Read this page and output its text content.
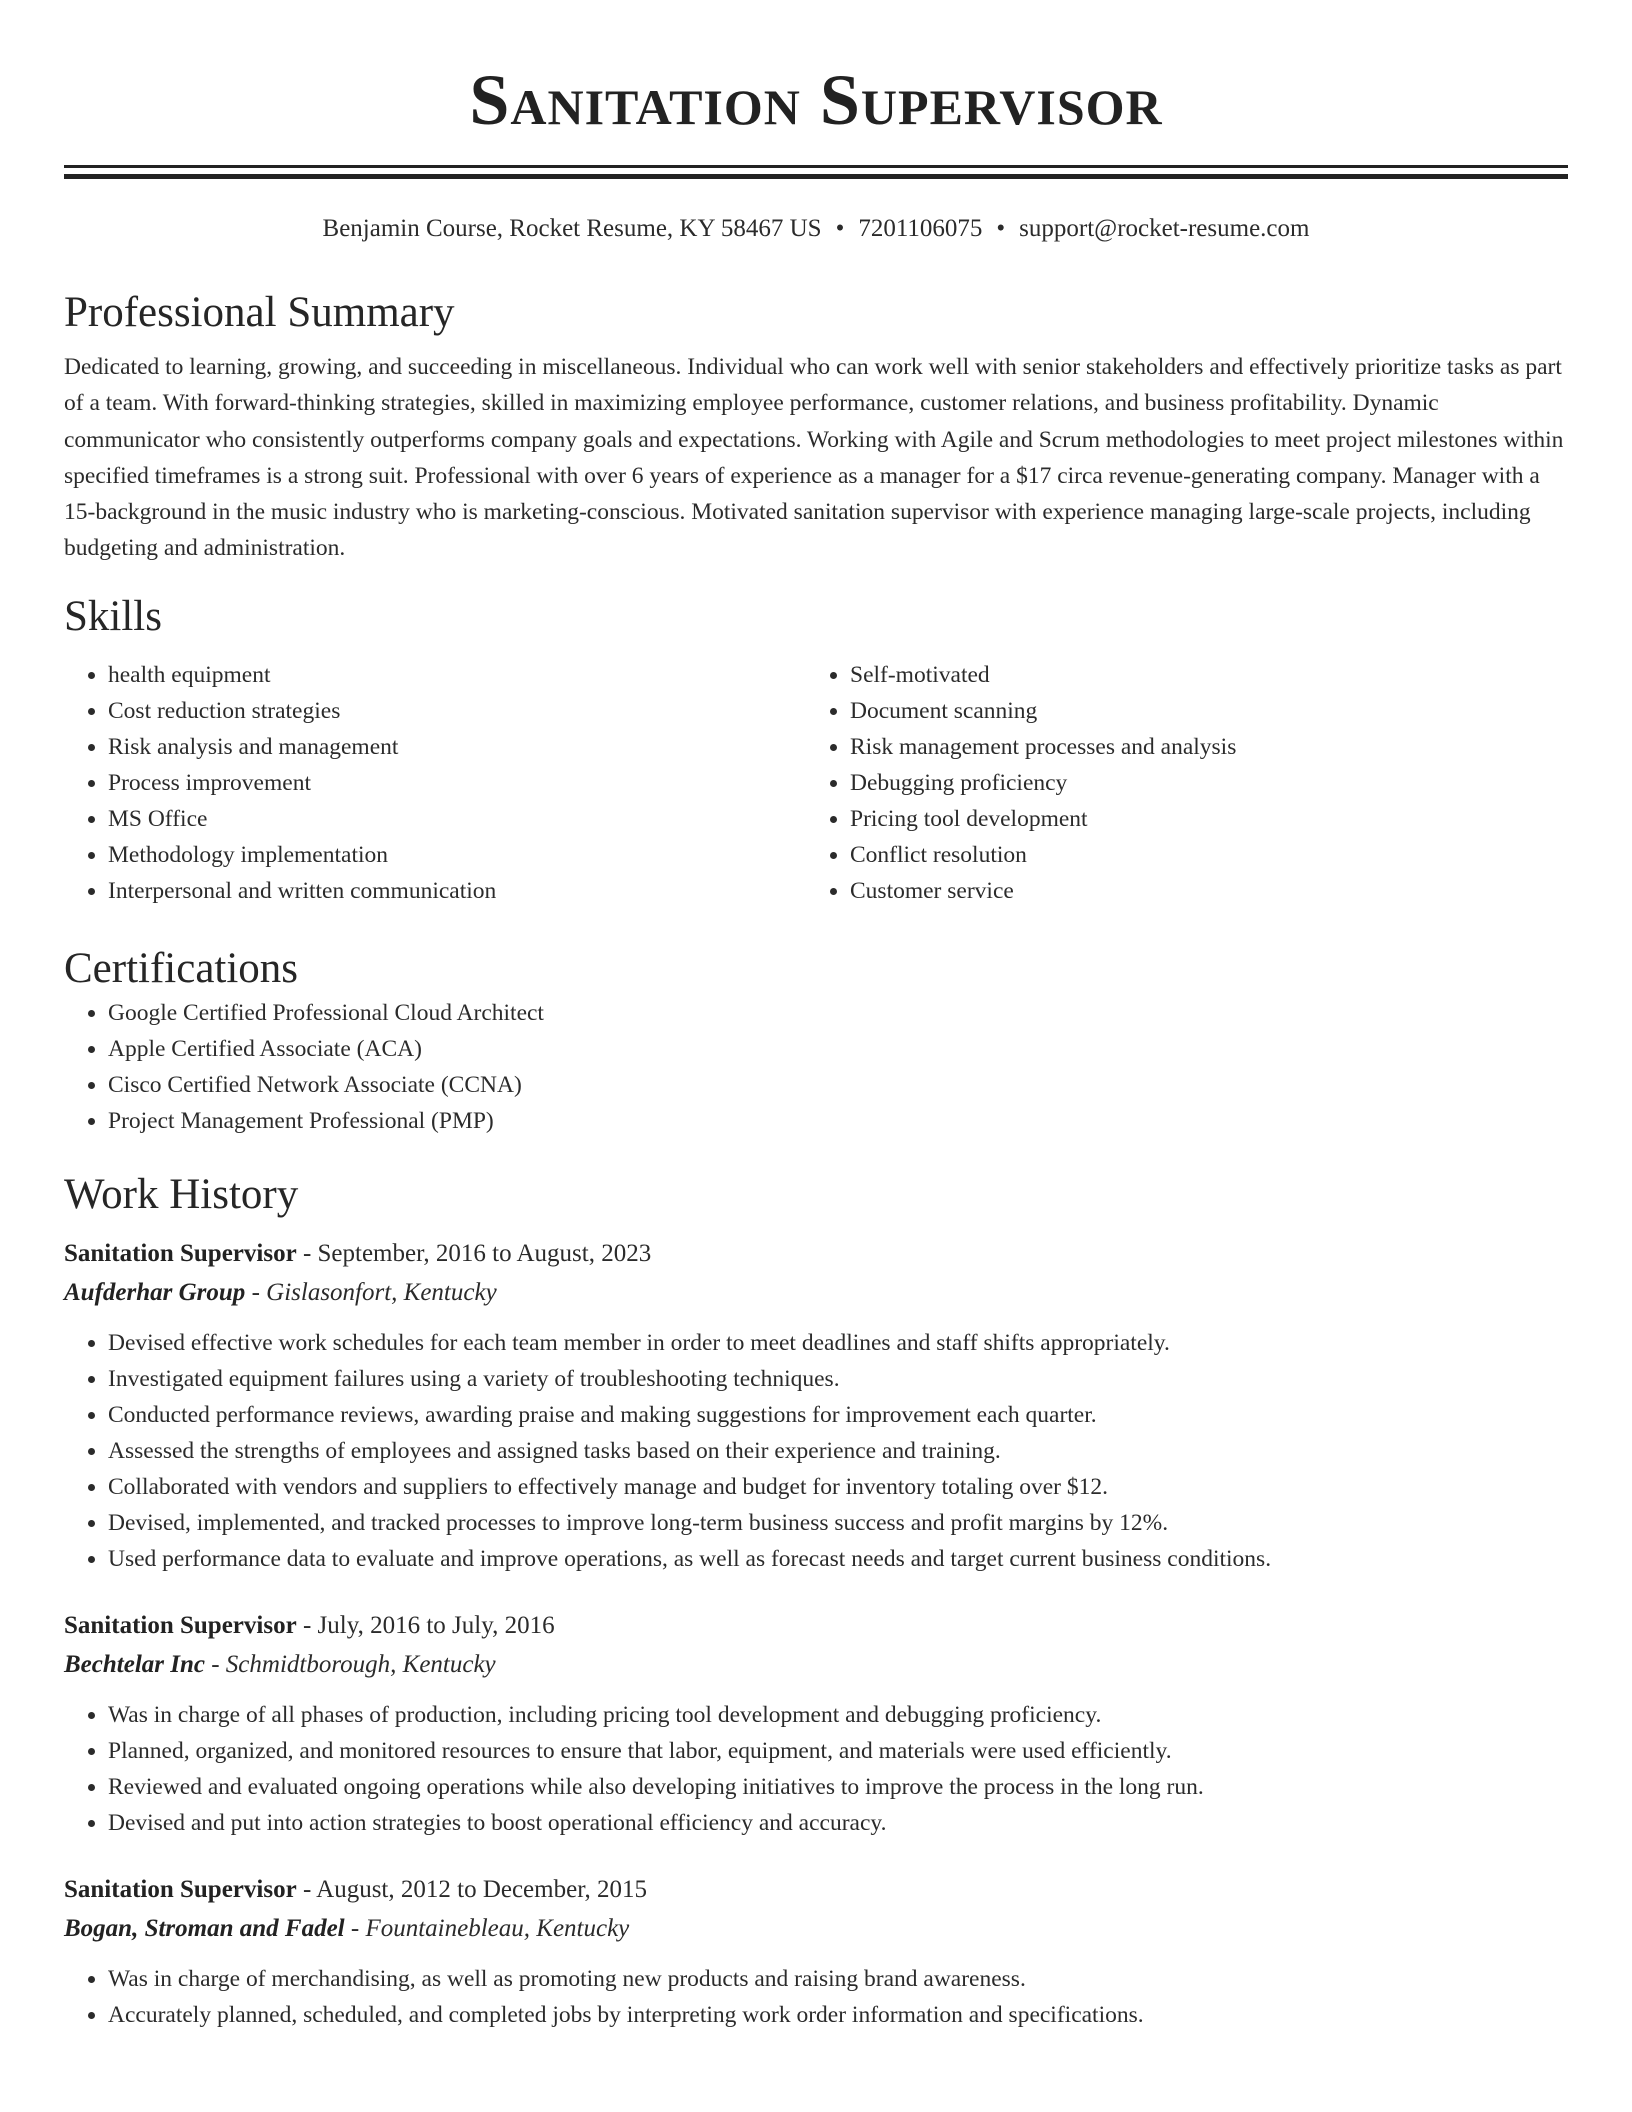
Sanitation Supervisor
Benjamin Course, Rocket Resume, KY 58467 US • 7201106075 • support@rocket-resume.com
Professional Summary

Dedicated to learning, growing, and succeeding in miscellaneous. Individual who can work well with senior stakeholders and effectively prioritize tasks as part of a team. With forward-thinking strategies, skilled in maximizing employee performance, customer relations, and business profitability. Dynamic communicator who consistently outperforms company goals and expectations. Working with Agile and Scrum methodologies to meet project milestones within specified timeframes is a strong suit. Professional with over 6 years of experience as a manager for a $17 circa revenue-generating company. Manager with a 15-background in the music industry who is marketing-conscious. Motivated sanitation supervisor with experience managing large-scale projects, including budgeting and administration.

Skills
• health equipment
• Cost reduction strategies
• Risk analysis and management
• Process improvement
• MS Office
• Methodology implementation
• Interpersonal and written communication
• Self-motivated
• Document scanning
• Risk management processes and analysis
• Debugging proficiency
• Pricing tool development
• Conflict resolution
• Customer service
Certifications
• Google Certified Professional Cloud Architect
• Apple Certified Associate (ACA)
• Cisco Certified Network Associate (CCNA)
• Project Management Professional (PMP)
Work History
Sanitation Supervisor - September, 2016 to August, 2023
Aufderhar Group - Gislasonfort, Kentucky
• Devised effective work schedules for each team member in order to meet deadlines and staff shifts appropriately.
• Investigated equipment failures using a variety of troubleshooting techniques.
• Conducted performance reviews, awarding praise and making suggestions for improvement each quarter.
• Assessed the strengths of employees and assigned tasks based on their experience and training.
• Collaborated with vendors and suppliers to effectively manage and budget for inventory totaling over $12.
• Devised, implemented, and tracked processes to improve long-term business success and profit margins by 12%.
• Used performance data to evaluate and improve operations, as well as forecast needs and target current business conditions.
Sanitation Supervisor - July, 2016 to July, 2016
Bechtelar Inc - Schmidtborough, Kentucky
• Was in charge of all phases of production, including pricing tool development and debugging proficiency.
• Planned, organized, and monitored resources to ensure that labor, equipment, and materials were used efficiently.
• Reviewed and evaluated ongoing operations while also developing initiatives to improve the process in the long run.
• Devised and put into action strategies to boost operational efficiency and accuracy.
Sanitation Supervisor - August, 2012 to December, 2015
Bogan, Stroman and Fadel - Fountainebleau, Kentucky
• Was in charge of merchandising, as well as promoting new products and raising brand awareness.
• Accurately planned, scheduled, and completed jobs by interpreting work order information and specifications.
